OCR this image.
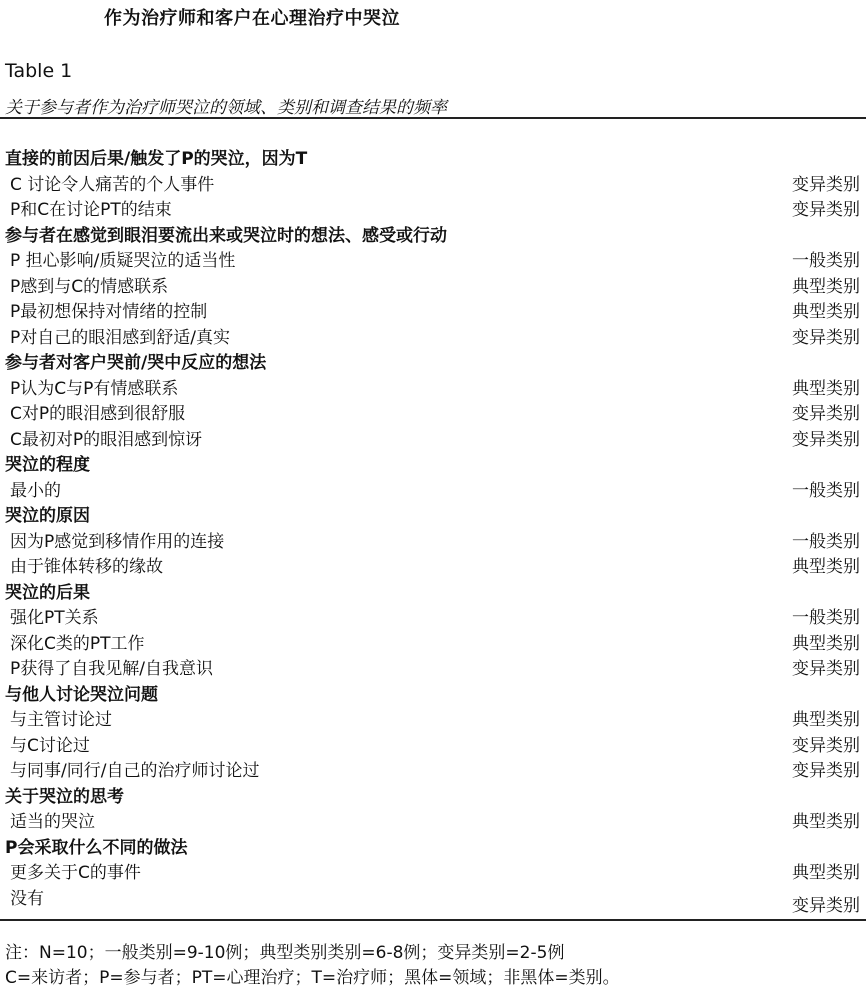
作为治疗师和客户在心理治疗中哭泣
Table 1
关于参与者作为治疗师哭泣的领域、类别和调查结果的频率
直接的前因后果/触发了P的哭泣，因为T
C 讨论令人痛苦的个人事件	变异类别
P和C在讨论PT的结束	变异类别
参与者在感觉到眼泪要流出来或哭泣时的想法、感受或行动
P 担心影响/质疑哭泣的适当性	一般类别
P感到与C的情感联系	典型类别
P最初想保持对情绪的控制	典型类别
P对自己的眼泪感到舒适/真实	变异类别
参与者对客户哭前/哭中反应的想法
P认为C与P有情感联系	典型类别
C对P的眼泪感到很舒服	变异类别
C最初对P的眼泪感到惊讶	变异类别
哭泣的程度
最小的	一般类别
哭泣的原因
因为P感觉到移情作用的连接	一般类别
由于锥体转移的缘故	典型类别
哭泣的后果
强化PT关系	一般类别
深化C类的PT工作	典型类别
P获得了自我见解/自我意识	变异类别
与他人讨论哭泣问题
与主管讨论过	典型类别
与C讨论过	变异类别
与同事/同行/自己的治疗师讨论过	变异类别
关于哭泣的思考
适当的哭泣	典型类别
P会采取什么不同的做法
更多关于C的事件	典型类别
没有	变异类别
注：N=10；一般类别=9-10例；典型类别类别=6-8例；变异类别=2-5例
C=来访者；P=参与者；PT=心理治疗；T=治疗师；黑体=领域；非黑体=类别。
